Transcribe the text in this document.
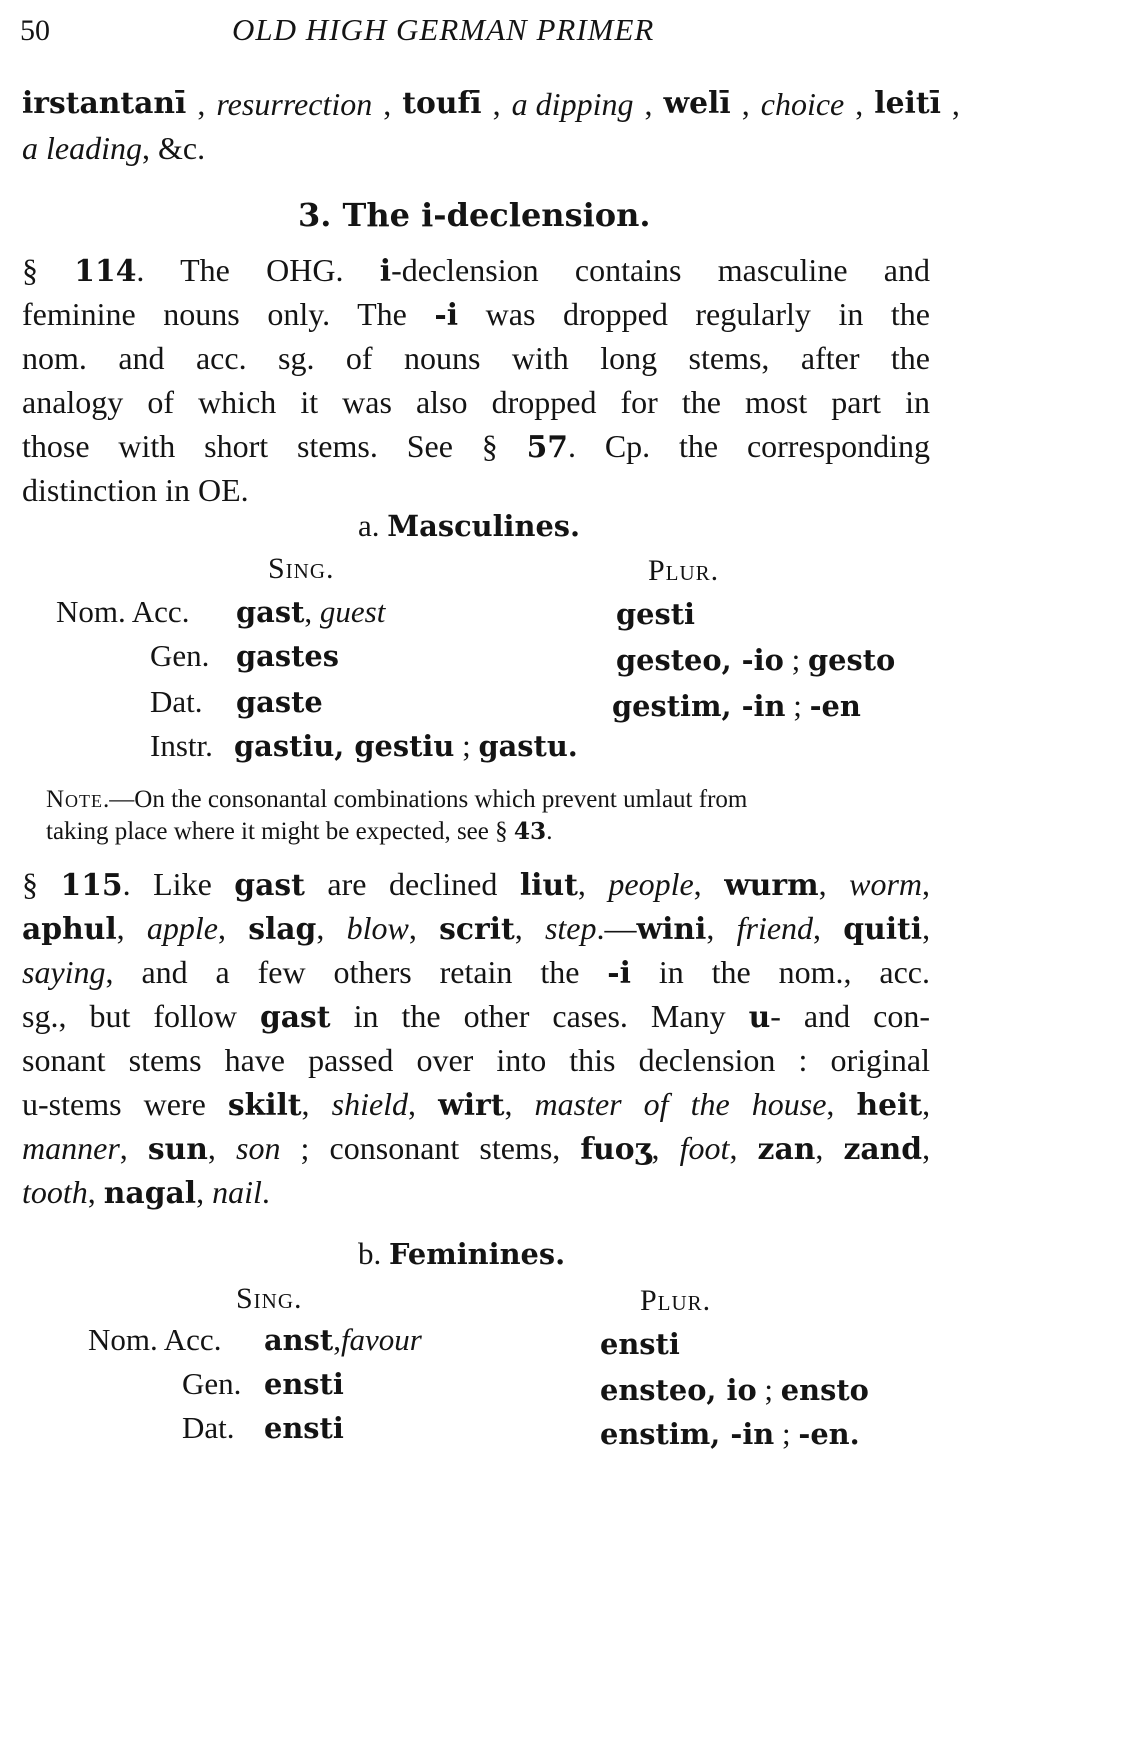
50	OLD HIGH GERMAN PRIMER
irstantanī , resurrection , toufī , a dipping , welī , choice , leitī ,
a leading, &c.
3. The i-declension.
§ 114. The OHG. i-declension contains masculine and
feminine nouns only. The -i was dropped regularly in the
nom. and acc. sg. of nouns with long stems, after the
analogy of which it was also dropped for the most part in
those with short stems. See § 57. Cp. the corresponding
distinction in OE.
a. Masculines.
Sing.	Plur.
Nom. Acc. gast, guest	gesti
Gen. gastes	gesteo, -io ; gesto
Dat. gaste	gestim, -in ; -en
Instr. gastiu, gestiu ; gastu.
Note.—On the consonantal combinations which prevent umlaut from
taking place where it might be expected, see § 43.
§ 115. Like gast are declined liut, people, wurm, worm,
aphul, apple, slag, blow, scrit, step.—wini, friend, quiti,
saying, and a few others retain the -i in the nom., acc.
sg., but follow gast in the other cases. Many u- and con-
sonant stems have passed over into this declension : original
u-stems were skilt, shield, wirt, master of the house, heit,
manner, sun, son ; consonant stems, fuoʒ, foot, zan, zand,
tooth, nagal, nail.
b. Feminines.
Sing.	Plur.
Nom. Acc. anst,favour	ensti
Gen. ensti	ensteo, io ; ensto
Dat. ensti	enstim, -in ; -en.
